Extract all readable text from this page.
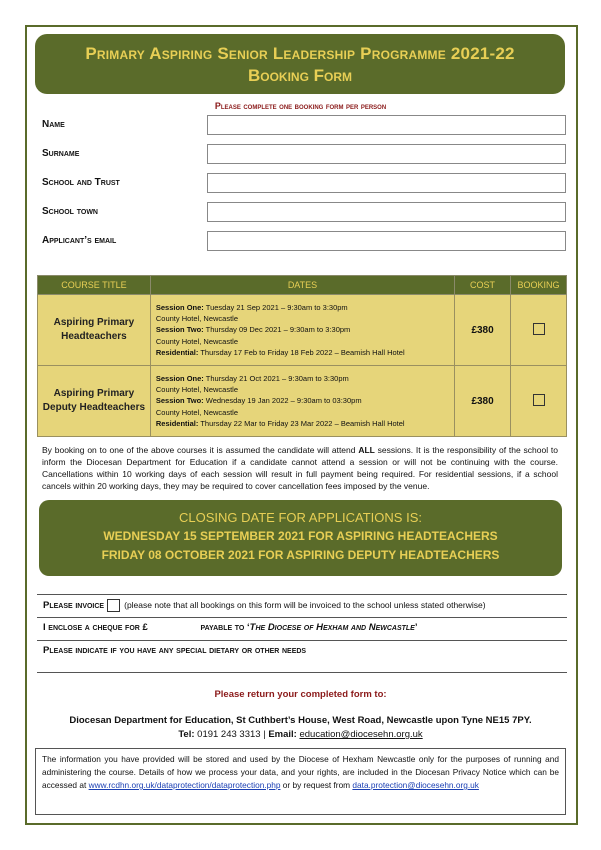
Primary Aspiring Senior Leadership Programme 2021-22
Booking Form
Please complete one booking form per person
Name
Surname
School and Trust
School town
Applicant’s email
COURSE TITLE	DATES	COST	BOOKING
Aspiring Primary Headteachers	Session One: Tuesday 21 Sep 2021 – 9:30am to 3:30pm
County Hotel, Newcastle
Session Two: Thursday 09 Dec 2021 – 9:30am to 3:30pm
County Hotel, Newcastle
Residential: Thursday 17 Feb to Friday 18 Feb 2022 – Beamish Hall Hotel	£380	
Aspiring Primary Deputy Headteachers	Session One: Thursday 21 Oct 2021 – 9:30am to 3:30pm
County Hotel, Newcastle
Session Two: Wednesday 19 Jan 2022 – 9:30am to 03:30pm
County Hotel, Newcastle
Residential: Thursday 22 Mar to Friday 23 Mar 2022 – Beamish Hall Hotel	£380	
By booking on to one of the above courses it is assumed the candidate will attend ALL sessions. It is the responsibility of the school to inform the Diocesan Department for Education if a candidate cannot attend a session or will not be continuing with the course. Cancellations within 10 working days of each session will result in full payment being required. For residential sessions, if a school cancels within 20 working days, they may be required to cover cancellation fees imposed by the venue.
CLOSING DATE FOR APPLICATIONS IS:
WEDNESDAY 15 SEPTEMBER 2021 FOR ASPIRING HEADTEACHERS
FRIDAY 08 OCTOBER 2021 FOR ASPIRING DEPUTY HEADTEACHERS
Please invoice (please note that all bookings on this form will be invoiced to the school unless stated otherwise)
I enclose a cheque for £	payable to ‘The Diocese of Hexham and Newcastle’
Please indicate if you have any special dietary or other needs
Please return your completed form to:
Diocesan Department for Education, St Cuthbert’s House, West Road, Newcastle upon Tyne NE15 7PY.
Tel: 0191 243 3313 | Email: education@diocesehn.org.uk
The information you have provided will be stored and used by the Diocese of Hexham Newcastle only for the purposes of running and administering the course. Details of how we process your data, and your rights, are included in the Diocesan Privacy Notice which can be accessed at www.rcdhn.org.uk/dataprotection/dataprotection.php or by request from data.protection@diocesehn.org.uk
